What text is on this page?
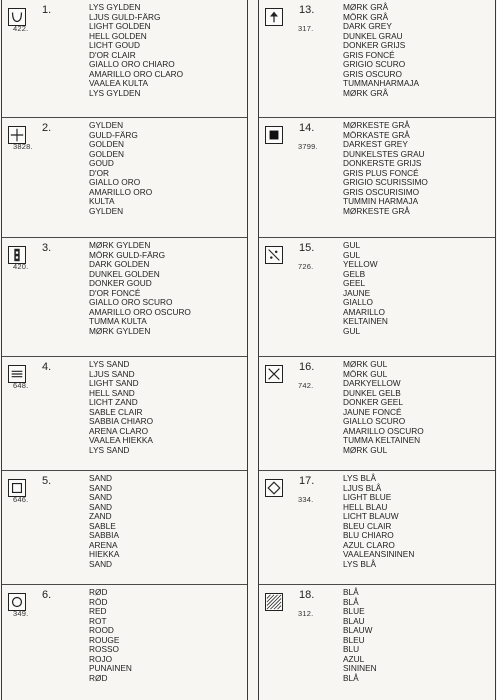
1.
422.
LYS GYLDEN
LJUS GULD-FÄRG
LIGHT GOLDEN
HELL GOLDEN
LICHT GOUD
D'OR CLAIR
GIALLO ORO CHIARO
AMARILLO ORO CLARO
VAALEA KULTA
LYS GYLDEN
2.
3828.
GYLDEN
GULD-FÄRG
GOLDEN
GOLDEN
GOUD
D'OR
GIALLO ORO
AMARILLO ORO
KULTA
GYLDEN
3.
420.
MØRK GYLDEN
MÖRK GULD-FÄRG
DARK GOLDEN
DUNKEL GOLDEN
DONKER GOUD
D'OR FONCÉ
GIALLO ORO SCURO
AMARILLO ORO OSCURO
TUMMA KULTA
MØRK GYLDEN
4.
648.
LYS SAND
LJUS SAND
LIGHT SAND
HELL SAND
LICHT ZAND
SABLE CLAIR
SABBIA CHIARO
ARENA CLARO
VAALEA HIEKKA
LYS SAND
5.
646.
SAND
SAND
SAND
SAND
ZAND
SABLE
SABBIA
ARENA
HIEKKA
SAND
6.
349.
RØD
RÖD
RED
ROT
ROOD
ROUGE
ROSSO
ROJO
PUNAINEN
RØD
13.
317.
MØRK GRÅ
MÖRK GRÅ
DARK GREY
DUNKEL GRAU
DONKER GRIJS
GRIS FONCÉ
GRIGIO SCURO
GRIS OSCURO
TUMMANHARMAJA
MØRK GRÅ
14.
3799.
MØRKESTE GRÅ
MÖRKASTE GRÅ
DARKEST GREY
DUNKELSTES GRAU
DONKERSTE GRIJS
GRIS PLUS FONCÉ
GRIGIO SCURISSIMO
GRIS OSCURISIMO
TUMMIN HARMAJA
MØRKESTE GRÅ
15.
726.
GUL
GUL
YELLOW
GELB
GEEL
JAUNE
GIALLO
AMARILLO
KELTAINEN
GUL
16.
742.
MØRK GUL
MÖRK GUL
DARKYELLOW
DUNKEL GELB
DONKER GEEL
JAUNE FONCÉ
GIALLO SCURO
AMARILLO OSCURO
TUMMA KELTAINEN
MØRK GUL
17.
334.
LYS BLÅ
LJUS BLÅ
LIGHT BLUE
HELL BLAU
LICHT BLAUW
BLEU CLAIR
BLU CHIARO
AZUL CLARO
VAALEANSININEN
LYS BLÅ
18.
312.
BLÅ
BLÅ
BLUE
BLAU
BLAUW
BLEU
BLU
AZUL
SININEN
BLÅ
